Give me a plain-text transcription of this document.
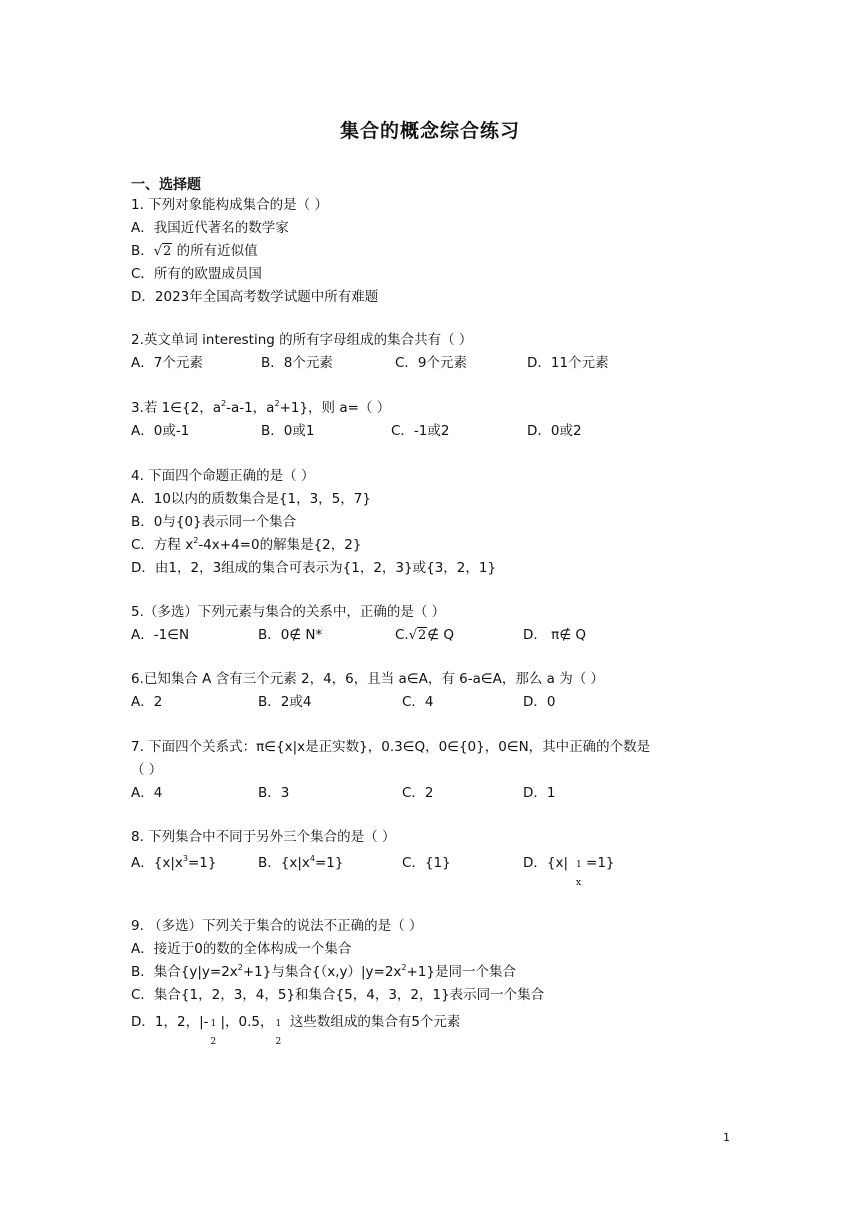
集合的概念综合练习
一、选择题
1. 下列对象能构成集合的是（ ）
A．我国近代著名的数学家
B．√2 的所有近似值
C．所有的欧盟成员国
D．2023年全国高考数学试题中所有难题
2.英文单词 interesting 的所有字母组成的集合共有（ ）
A．7个元素	B．8个元素	C．9个元素	D．11个元素
3.若 1∈{2，$a^2-a-1$，$a^2+1$}，则 a=（ ）
A．0或-1	B．0或1	C．-1或2	D．0或2
4. 下面四个命题正确的是（ ）
A．10以内的质数集合是{1，3，5，7}
B．0与{0}表示同一个集合
C．方程 $x^2-4x+4=0$的解集是{2，2}
D．由1，2，3组成的集合可表示为{1，2，3}或{3，2，1}
5.（多选）下列元素与集合的关系中，正确的是（ ）
A．-1∈N	B．0∉ N*	C.√2∉ Q	D． π∉ Q
6.已知集合 A 含有三个元素 2，4，6，且当 a∈A，有 6-a∈A，那么 a 为（ ）
A．2	B．2或4	C．4	D．0
7. 下面四个关系式：π∈{x|x是正实数}，0.3∈Q，0∈{0}，0∈N，其中正确的个数是
（ ）
A．4	B．3	C．2	D．1
8. 下列集合中不同于另外三个集合的是（ ）
A．$\{x|x^3=1\}$	B．$\{x|x^4=1\}$	C．{1}	D．{x| 1
x
=1}
9. （多选）下列关于集合的说法不正确的是（ ）
A．接近于0的数的全体构成一个集合
B．集合$\{y|y=2x^2+1\}$与集合$\{(x,y)|y=2x^2+1\}$是同一个集合
C．集合{1，2，3，4，5}和集合{5，4，3，2，1}表示同一个集合
D．1，2，|- 1
2
|，0.5， 1
2
这些数组成的集合有5个元素
1
